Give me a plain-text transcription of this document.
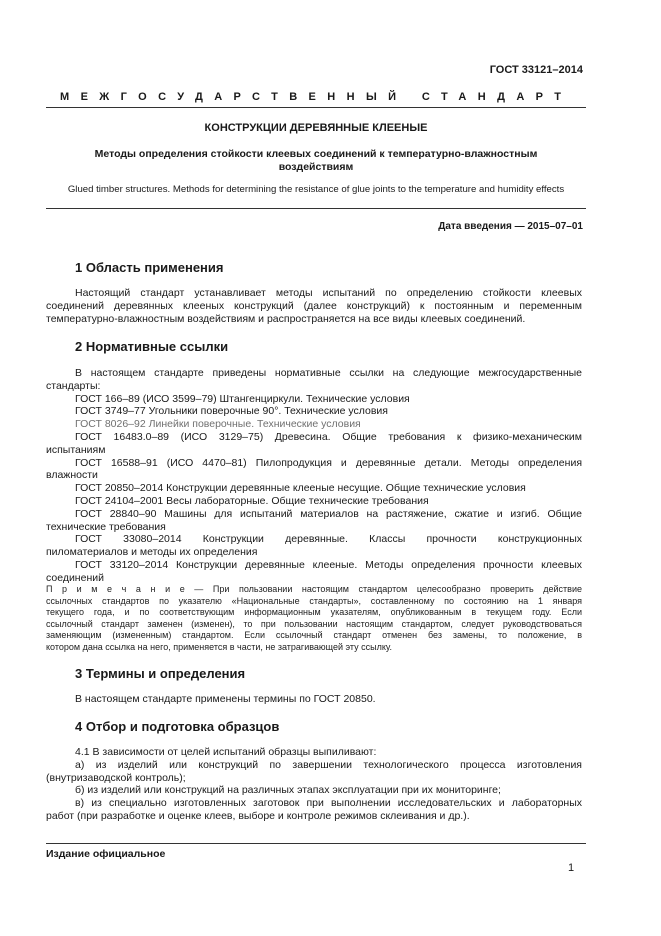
ГОСТ 33121–2014
МЕЖГОСУДАРСТВЕННЫЙ СТАНДАРТ
КОНСТРУКЦИИ ДЕРЕВЯННЫЕ КЛЕЕНЫЕ
Методы определения стойкости клеевых соединений к температурно-влажностным воздействиям
Glued timber structures. Methods for determining the resistance of glue joints to the temperature and humidity effects
Дата введения — 2015–07–01
1 Область применения
Настоящий стандарт устанавливает методы испытаний по определению стойкости клеевых
соединений деревянных клееных конструкций (далее конструкций) к постоянным и переменным
температурно-влажностным воздействиям и распространяется на все виды клеевых соединений.
2 Нормативные ссылки
В настоящем стандарте приведены нормативные ссылки на следующие межгосударственные
стандарты:
ГОСТ 166–89 (ИСО 3599–79) Штангенциркули. Технические условия
ГОСТ 3749–77 Угольники поверочные 90°. Технические условия
ГОСТ 8026–92 Линейки поверочные. Технические условия
ГОСТ 16483.0–89 (ИСО 3129–75) Древесина. Общие требования к физико-механическим
испытаниям
ГОСТ 16588–91 (ИСО 4470–81) Пилопродукция и деревянные детали. Методы определения
влажности
ГОСТ 20850–2014 Конструкции деревянные клееные несущие. Общие технические условия
ГОСТ 24104–2001 Весы лабораторные. Общие технические требования
ГОСТ 28840–90 Машины для испытаний материалов на растяжение, сжатие и изгиб. Общие
технические требования
ГОСТ 33080–2014 Конструкции деревянные. Классы прочности конструкционных
пиломатериалов и методы их определения
ГОСТ 33120–2014 Конструкции деревянные клееные. Методы определения прочности клеевых
соединений
П р и м е ч а н и е — При пользовании настоящим стандартом целесообразно проверить действие
ссылочных стандартов по указателю «Национальные стандарты», составленному по состоянию на 1 января
текущего года, и по соответствующим информационным указателям, опубликованным в текущем году. Если
ссылочный стандарт заменен (изменен), то при пользовании настоящим стандартом, следует руководствоваться
заменяющим (измененным) стандартом. Если ссылочный стандарт отменен без замены, то положение, в
котором дана ссылка на него, применяется в части, не затрагивающей эту ссылку.
3 Термины и определения
В настоящем стандарте применены термины по ГОСТ 20850.
4 Отбор и подготовка образцов
4.1 В зависимости от целей испытаний образцы выпиливают:
а) из изделий или конструкций по завершении технологического процесса изготовления
(внутризаводской контроль);
б) из изделий или конструкций на различных этапах эксплуатации при их мониторинге;
в) из специально изготовленных заготовок при выполнении исследовательских и лабораторных
работ (при разработке и оценке клеев, выборе и контроле режимов склеивания и др.).
Издание официальное
1
